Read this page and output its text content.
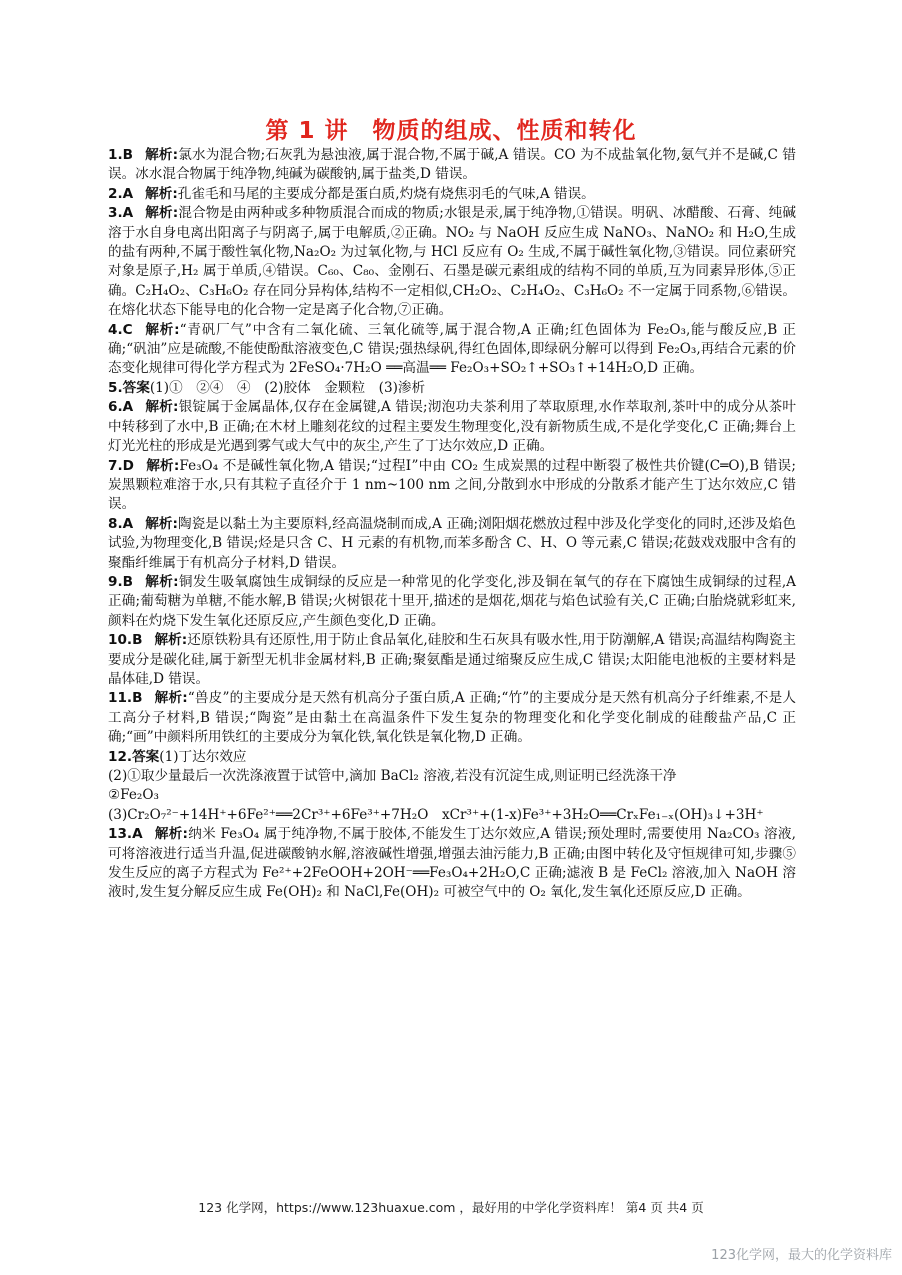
第 1 讲　物质的组成、性质和转化

1.B 解析:氯水为混合物;石灰乳为悬浊液,属于混合物,不属于碱,A 错误。CO 为不成盐氧化物,氨气并不是碱,C 错误。冰水混合物属于纯净物,纯碱为碳酸钠,属于盐类,D 错误。

2.A 解析:孔雀毛和马尾的主要成分都是蛋白质,灼烧有烧焦羽毛的气味,A 错误。

3.A 解析:混合物是由两种或多种物质混合而成的物质;水银是汞,属于纯净物,①错误。明矾、冰醋酸、石膏、纯碱溶于水自身电离出阳离子与阴离子,属于电解质,②正确。NO₂ 与 NaOH 反应生成 NaNO₃、NaNO₂ 和 H₂O,生成的盐有两种,不属于酸性氧化物,Na₂O₂ 为过氧化物,与 HCl 反应有 O₂ 生成,不属于碱性氧化物,③错误。同位素研究对象是原子,H₂ 属于单质,④错误。C₆₀、C₈₀、金刚石、石墨是碳元素组成的结构不同的单质,互为同素异形体,⑤正确。C₂H₄O₂、C₃H₆O₂ 存在同分异构体,结构不一定相似,CH₂O₂、C₂H₄O₂、C₃H₆O₂ 不一定属于同系物,⑥错误。在熔化状态下能导电的化合物一定是离子化合物,⑦正确。

4.C 解析:“青矾厂气”中含有二氧化硫、三氧化硫等,属于混合物,A 正确;红色固体为 Fe₂O₃,能与酸反应,B 正确;“矾油”应是硫酸,不能使酚酞溶液变色,C 错误;强热绿矾,得红色固体,即绿矾分解可以得到 Fe₂O₃,再结合元素的价态变化规律可得化学方程式为 2FeSO₄·7H₂O ══高温══ Fe₂O₃+SO₂↑+SO₃↑+14H₂O,D 正确。

5.答案(1)①　②④　④　(2)胶体　金颗粒　(3)渗析

6.A 解析:银锭属于金属晶体,仅存在金属键,A 错误;沏泡功夫茶利用了萃取原理,水作萃取剂,茶叶中的成分从茶叶中转移到了水中,B 正确;在木材上雕刻花纹的过程主要发生物理变化,没有新物质生成,不是化学变化,C 正确;舞台上灯光光柱的形成是光遇到雾气或大气中的灰尘,产生了丁达尔效应,D 正确。

7.D 解析:Fe₃O₄ 不是碱性氧化物,A 错误;“过程Ⅰ”中由 CO₂ 生成炭黑的过程中断裂了极性共价键(C═O),B 错误;炭黑颗粒难溶于水,只有其粒子直径介于 1 nm~100 nm 之间,分散到水中形成的分散系才能产生丁达尔效应,C 错误。

8.A 解析:陶瓷是以黏土为主要原料,经高温烧制而成,A 正确;浏阳烟花燃放过程中涉及化学变化的同时,还涉及焰色试验,为物理变化,B 错误;烃是只含 C、H 元素的有机物,而苯多酚含 C、H、O 等元素,C 错误;花鼓戏戏服中含有的聚酯纤维属于有机高分子材料,D 错误。

9.B 解析:铜发生吸氧腐蚀生成铜绿的反应是一种常见的化学变化,涉及铜在氧气的存在下腐蚀生成铜绿的过程,A 正确;葡萄糖为单糖,不能水解,B 错误;火树银花十里开,描述的是烟花,烟花与焰色试验有关,C 正确;白胎烧就彩虹来,颜料在灼烧下发生氧化还原反应,产生颜色变化,D 正确。

10.B 解析:还原铁粉具有还原性,用于防止食品氧化,硅胶和生石灰具有吸水性,用于防潮解,A 错误;高温结构陶瓷主要成分是碳化硅,属于新型无机非金属材料,B 正确;聚氨酯是通过缩聚反应生成,C 错误;太阳能电池板的主要材料是晶体硅,D 错误。

11.B 解析:“兽皮”的主要成分是天然有机高分子蛋白质,A 正确;“竹”的主要成分是天然有机高分子纤维素,不是人工高分子材料,B 错误;“陶瓷”是由黏土在高温条件下发生复杂的物理变化和化学变化制成的硅酸盐产品,C 正确;“画”中颜料所用铁红的主要成分为氧化铁,氧化铁是氧化物,D 正确。

12.答案(1)丁达尔效应

(2)①取少量最后一次洗涤液置于试管中,滴加 BaCl₂ 溶液,若没有沉淀生成,则证明已经洗涤干净

②Fe₂O₃

(3)Cr₂O₇²⁻+14H⁺+6Fe²⁺══2Cr³⁺+6Fe³⁺+7H₂O　xCr³⁺+(1-x)Fe³⁺+3H₂O══CrₓFe₁₋ₓ(OH)₃↓+3H⁺

13.A 解析:纳米 Fe₃O₄ 属于纯净物,不属于胶体,不能发生丁达尔效应,A 错误;预处理时,需要使用 Na₂CO₃ 溶液,可将溶液进行适当升温,促进碳酸钠水解,溶液碱性增强,增强去油污能力,B 正确;由图中转化及守恒规律可知,步骤⑤发生反应的离子方程式为 Fe²⁺+2FeOOH+2OH⁻══Fe₃O₄+2H₂O,C 正确;滤液 B 是 FeCl₂ 溶液,加入 NaOH 溶液时,发生复分解反应生成 Fe(OH)₂ 和 NaCl,Fe(OH)₂ 可被空气中的 O₂ 氧化,发生氧化还原反应,D 正确。

123 化学网，https://www.123huaxue.com ，最好用的中学化学资料库！ 第4 页 共4 页
123化学网，最大的化学资料库
